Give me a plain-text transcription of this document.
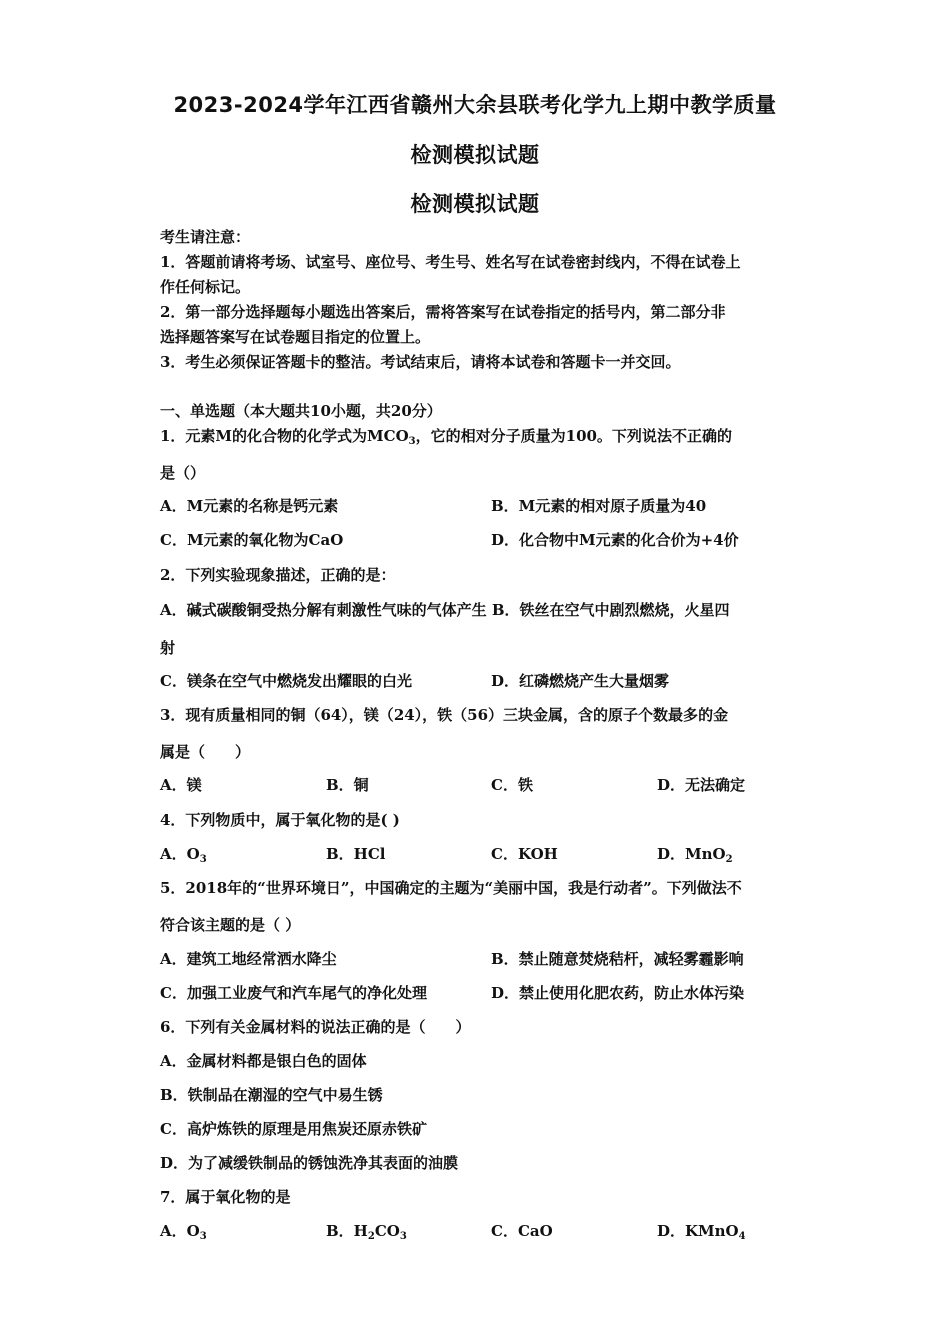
2023-2024学年江西省赣州大余县联考化学九上期中教学质量
检测模拟试题
检测模拟试题
考生请注意：
1．答题前请将考场、试室号、座位号、考生号、姓名写在试卷密封线内，不得在试卷上
作任何标记。
2．第一部分选择题每小题选出答案后，需将答案写在试卷指定的括号内，第二部分非
选择题答案写在试卷题目指定的位置上。
3．考生必须保证答题卡的整洁。考试结束后，请将本试卷和答题卡一并交回。
一、单选题（本大题共10小题，共20分）
1．元素M的化合物的化学式为$MCO_3$，它的相对分子质量为100。下列说法不正确的
是（）
A．M元素的名称是钙元素	B．M元素的相对原子质量为40
C．M元素的氧化物为CaO	D．化合物中M元素的化合价为+4价
2．下列实验现象描述，正确的是：
A．碱式碳酸铜受热分解有刺激性气味的气体产生 B．铁丝在空气中剧烈燃烧，火星四
射
C．镁条在空气中燃烧发出耀眼的白光	D．红磷燃烧产生大量烟雾
3．现有质量相同的铜（64），镁（24），铁（56）三块金属，含的原子个数最多的金
属是（　　）
A．镁	B．铜	C．铁	D．无法确定
4．下列物质中，属于氧化物的是( )
A．$O_3$	B．HCl	C．KOH	D．MnO$_2$
5．2018年的“世界环境日”，中国确定的主题为“美丽中国，我是行动者”。下列做法不
符合该主题的是（ ）
A．建筑工地经常洒水降尘	B．禁止随意焚烧秸杆，减轻雾霾影响
C．加强工业废气和汽车尾气的净化处理	D．禁止使用化肥农药，防止水体污染
6．下列有关金属材料的说法正确的是（　　）
A．金属材料都是银白色的固体
B．铁制品在潮湿的空气中易生锈
C．高炉炼铁的原理是用焦炭还原赤铁矿
D．为了减缓铁制品的锈蚀洗净其表面的油膜
7．属于氧化物的是
A．$O_3$	B．$H_2CO_3$	C．CaO	D．KMnO$_4$
